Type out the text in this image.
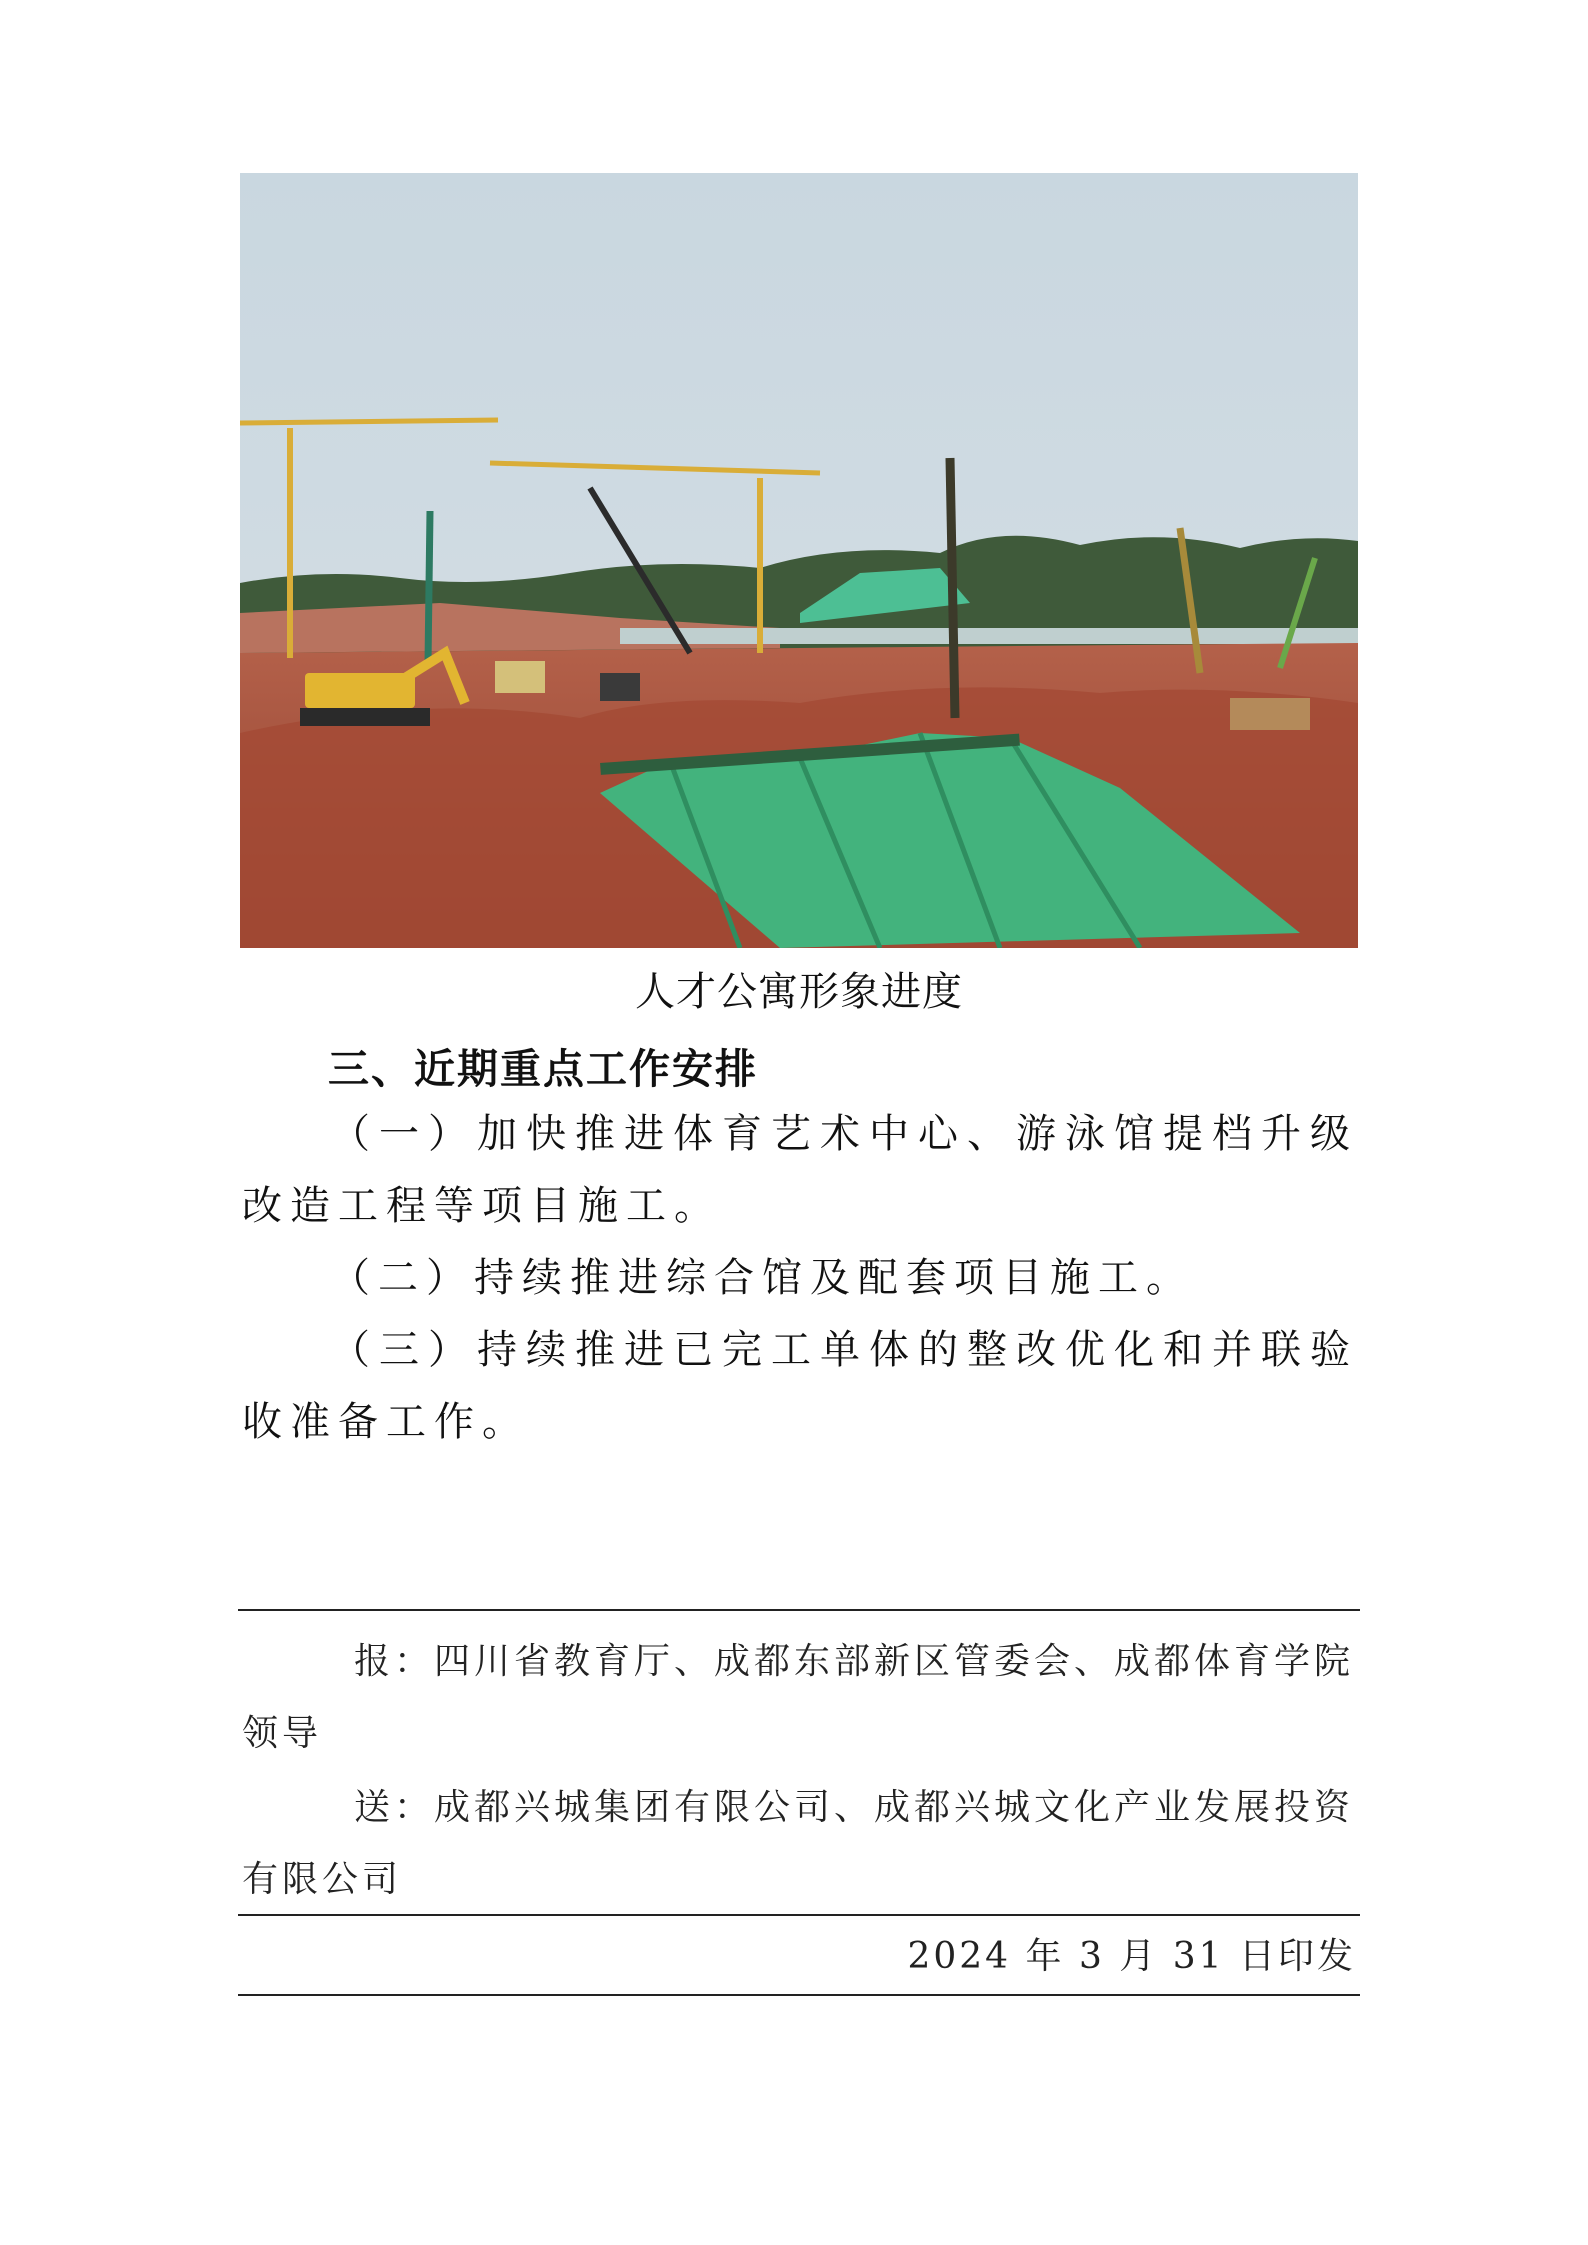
人才公寓形象进度
三、近期重点工作安排

（一）加快推进体育艺术中心、游泳馆提档升级改造工程等项目施工。

（二）持续推进综合馆及配套项目施工。

（三）持续推进已完工单体的整改优化和并联验收准备工作。

报：四川省教育厅、成都东部新区管委会、成都体育学院领导

送：成都兴城集团有限公司、成都兴城文化产业发展投资有限公司

2024 年 3 月 31 日印发
